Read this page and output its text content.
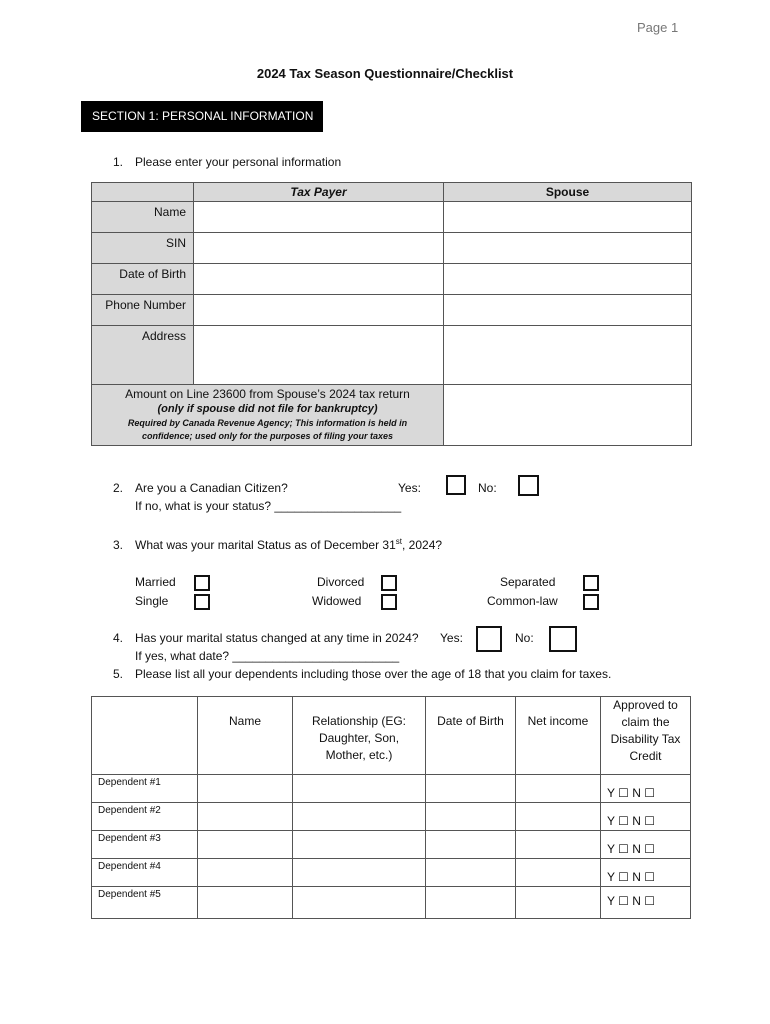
Page 1
2024 Tax Season Questionnaire/Checklist
SECTION 1: PERSONAL INFORMATION
1. Please enter your personal information
	Tax Payer	Spouse
Name		
SIN		
Date of Birth		
Phone Number		
Address		

Amount on Line 23600 from Spouse’s 2024 tax return
(only if spouse did not file for bankruptcy)
Required by Canada Revenue Agency; This information is held in
confidence; used only for the purposes of filing your taxes		

2. Are you a Canadian Citizen?	Yes:	No:
If no, what is your status? ___________________
3. What was your marital Status as of December 31st, 2024?
Married
Single
Divorced
Widowed
Separated
Common-law
4. Has your marital status changed at any time in 2024? Yes:	No:
If yes, what date? _________________________
5. Please list all your dependents including those over the age of 18 that you claim for taxes.
	Name	Relationship (EG: Daughter, Son, Mother, etc.)	Date of Birth	Net income	Approved to claim the Disability Tax Credit
Dependent #1					Y ☐ N ☐
Dependent #2					Y ☐ N ☐
Dependent #3					Y ☐ N ☐
Dependent #4					Y ☐ N ☐
Dependent #5					Y ☐ N ☐
